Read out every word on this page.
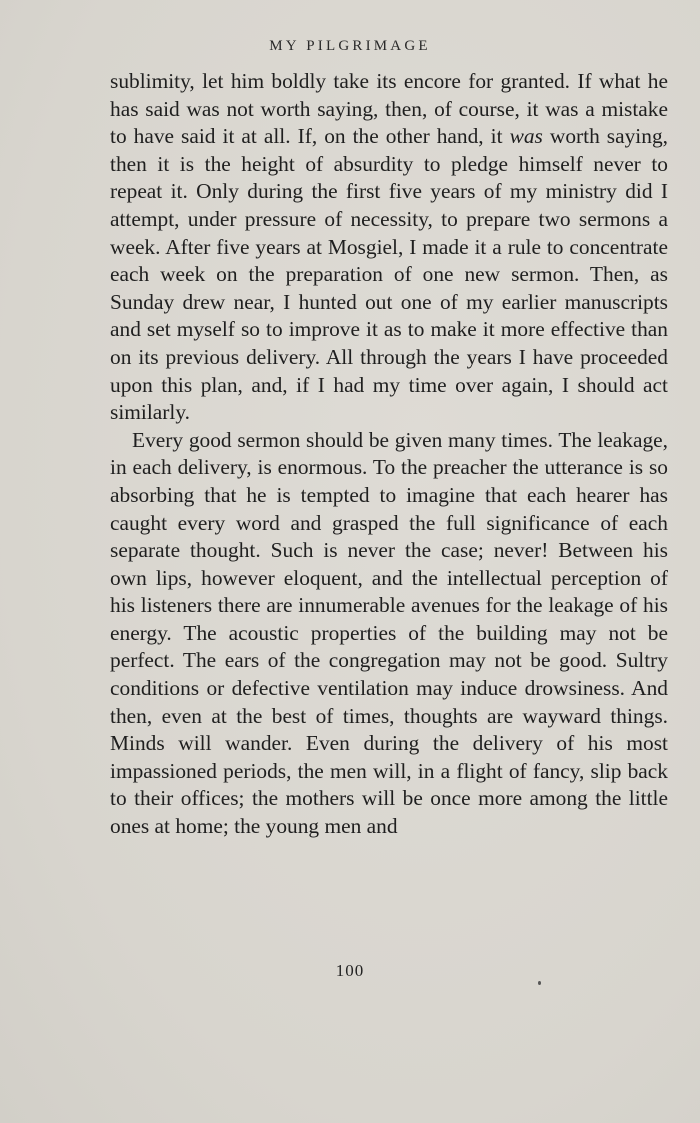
MY PILGRIMAGE

sublimity, let him boldly take its encore for granted. If what he has said was not worth saying, then, of course, it was a mistake to have said it at all. If, on the other hand, it was worth saying, then it is the height of absurdity to pledge himself never to repeat it. Only during the first five years of my ministry did I attempt, under pressure of necessity, to prepare two sermons a week. After five years at Mosgiel, I made it a rule to concentrate each week on the preparation of one new sermon. Then, as Sunday drew near, I hunted out one of my earlier manuscripts and set myself so to improve it as to make it more effective than on its previous delivery. All through the years I have proceeded upon this plan, and, if I had my time over again, I should act similarly.

Every good sermon should be given many times. The leakage, in each delivery, is enormous. To the preacher the utterance is so absorbing that he is tempted to imagine that each hearer has caught every word and grasped the full significance of each separate thought. Such is never the case; never! Between his own lips, however eloquent, and the intellectual perception of his listeners there are innumerable avenues for the leakage of his energy. The acoustic properties of the building may not be perfect. The ears of the congregation may not be good. Sultry conditions or defective ventilation may induce drowsiness. And then, even at the best of times, thoughts are wayward things. Minds will wander. Even during the delivery of his most impassioned periods, the men will, in a flight of fancy, slip back to their offices; the mothers will be once more among the little ones at home; the young men and

100
